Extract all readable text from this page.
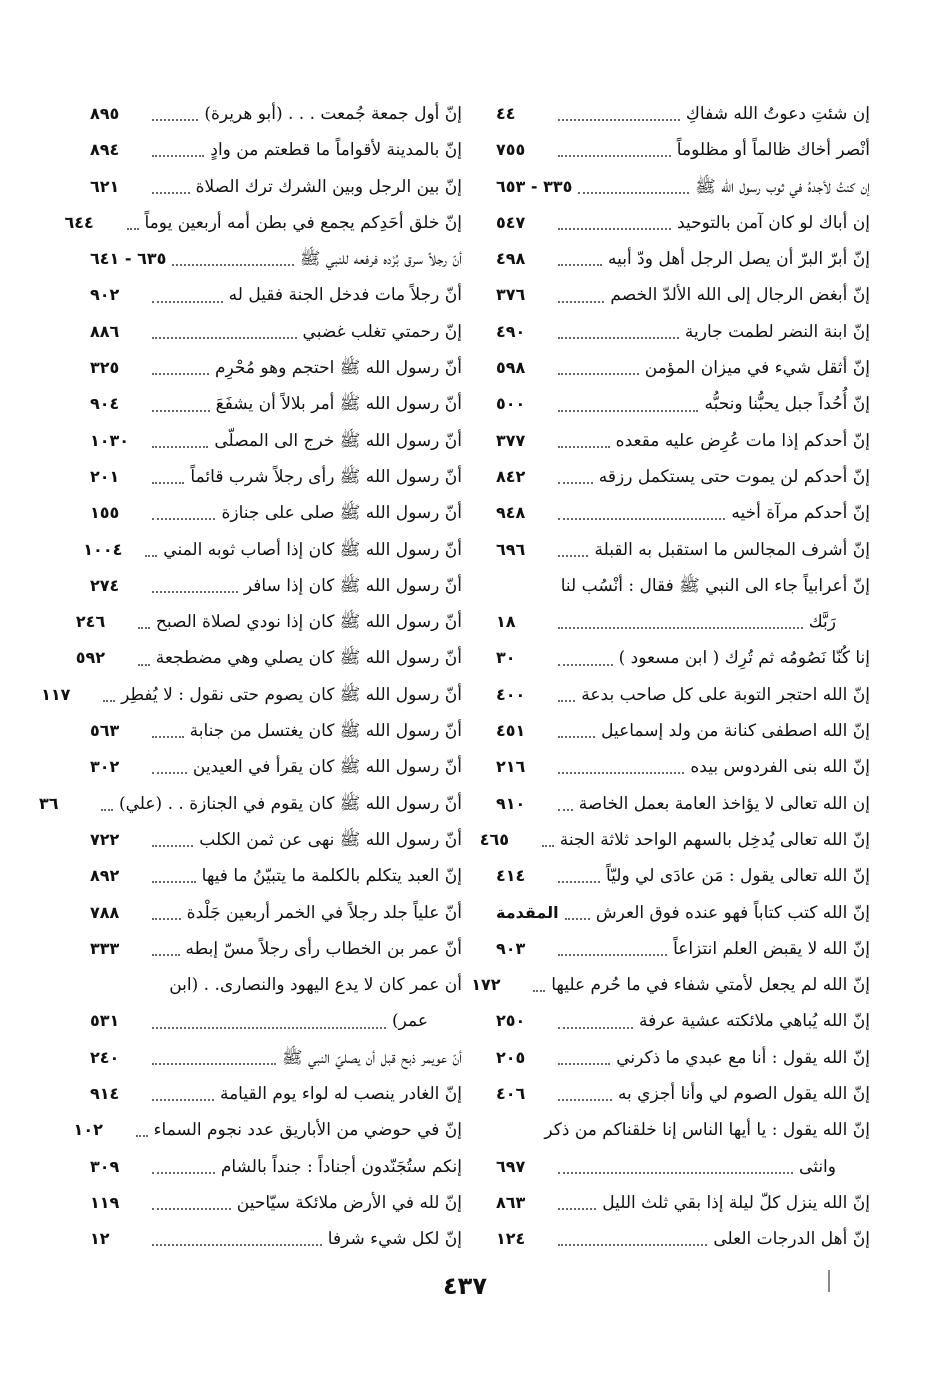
إن شئتِ دعوتُ الله شفاكِ
٤٤
أنْصر أخاك ظالماً أو مظلوماً
٧٥٥
إن كنتُ لأجدهُ في ثوب رسول الله ﷺ
٣٣٥ - ٦٥٣
إن أباك لو كان آمن بالتوحيد
٥٤٧
إنّ أبرّ البرّ أن يصل الرجل أهل ودّ أبيه
٤٩٨
إنّ أبغض الرجال إلى الله الألدّ الخصم
٣٧٦
إنّ ابنة النضر لطمت جارية
٤٩٠
إنّ أثقل شيء في ميزان المؤمن
٥٩٨
إنّ أُحُداً جبل يحبُّنا ونحبُّه
٥٠٠
إنّ أحدكم إذا مات عُرِض عليه مقعده
٣٧٧
إنّ أحدكم لن يموت حتى يستكمل رزقه
٨٤٢
إنّ أحدكم مرآة أخيه
٩٤٨
إنّ أشرف المجالس ما استقبل به القبلة
٦٩٦
إنّ أعرابياً جاء الى النبي ﷺ فقال : أنْسُب لنا
رَبَّك
١٨
إنا كُنّا نَصُومُه ثم تُرِك ( ابن مسعود )
٣٠
إنّ الله احتجر التوبة على كل صاحب بدعة
٤٠٠
إنّ الله اصطفى كنانة من ولد إسماعيل
٤٥١
إنّ الله بنى الفردوس بيده
٢١٦
إن الله تعالى لا يؤاخذ العامة بعمل الخاصة
٩١٠
إنّ الله تعالى يُدخِل بالسهم الواحد ثلاثة الجنة
٤٦٥
إنّ الله تعالى يقول : مَن عادَى لي وليّاً
٤١٤
إنّ الله كتب كتاباً فهو عنده فوق العرش
المقدمة
إنّ الله لا يقبض العلم انتزاعاً
٩٠٣
إنّ الله لم يجعل لأمتي شفاء في ما حُرم عليها
١٧٢
إنّ الله يُباهي ملائكته عشية عرفة
٢٥٠
إنّ الله يقول : أنا مع عبدي ما ذكرني
٢٠٥
إنّ الله يقول الصوم لي وأنا أجزي به
٤٠٦
إنّ الله يقول : يا أيها الناس إنا خلقناكم من ذكر
وانثى
٦٩٧
إنّ الله ينزل كلّ ليلة إذا بقي ثلث الليل
٨٦٣
إنّ أهل الدرجات العلى
١٢٤
إنّ أول جمعة جُمعت . . . (أبو هريرة)
٨٩٥
إنّ بالمدينة لأقواماً ما قطعتم من وادٍ
٨٩٤
إنّ بين الرجل وبين الشرك ترك الصلاة
٦٢١
إنّ خلق أحَدِكم يجمع في بطن أمه أربعين يوماً
٦٤٤
أنّ رجلاً سرق بُرْده فرفعه للنبي ﷺ
٦٣٥ - ٦٤١
أنّ رجلاً مات فدخل الجنة فقيل له
٩٠٢
إنّ رحمتي تغلب غضبي
٨٨٦
أنّ رسول الله ﷺ احتجم وهو مُحْرِم
٣٢٥
أنّ رسول الله ﷺ أمر بلالاً أن يشفَعَ
٩٠٤
أنّ رسول الله ﷺ خرج الى المصلّى
١٠٣٠
أنّ رسول الله ﷺ رأى رجلاً شرب قائماً
٢٠١
أنّ رسول الله ﷺ صلى على جنازة
١٥٥
أنّ رسول الله ﷺ كان إذا أصاب ثوبه المني
١٠٠٤
أنّ رسول الله ﷺ كان إذا سافر
٢٧٤
أنّ رسول الله ﷺ كان إذا نودي لصلاة الصبح
٢٤٦
أنّ رسول الله ﷺ كان يصلي وهي مضطجعة
٥٩٢
أنّ رسول الله ﷺ كان يصوم حتى نقول : لا يُفطِر
١١٧
أنّ رسول الله ﷺ كان يغتسل من جنابة
٥٦٣
أنّ رسول الله ﷺ كان يقرأ في العيدين
٣٠٢
أنّ رسول الله ﷺ كان يقوم في الجنازة . . (علي)
٣٦
أنّ رسول الله ﷺ نهى عن ثمن الكلب
٧٢٢
إنّ العبد يتكلم بالكلمة ما يتبيّنُ ما فيها
٨٩٢
أنّ علياً جلد رجلاً في الخمر أربعين جَلْدة
٧٨٨
أنّ عمر بن الخطاب رأى رجلاً مسّ إبطه
٣٣٣
أن عمر كان لا يدع اليهود والنصارى. . (ابن
عمر)
٥٣١
أنّ عويمر ذبح قبل أن يصليّ النبي ﷺ
٢٤٠
إنّ الغادر ينصب له لواء يوم القيامة
٩١٤
إنّ في حوضي من الأباريق عدد نجوم السماء
١٠٢
إنكم ستُجَنّدون أجناداً : جنداً بالشام
٣٠٩
إنّ لله في الأرض ملائكة سيّاحين
١١٩
إنّ لكل شيء شرفا
١٢
٤٣٧
